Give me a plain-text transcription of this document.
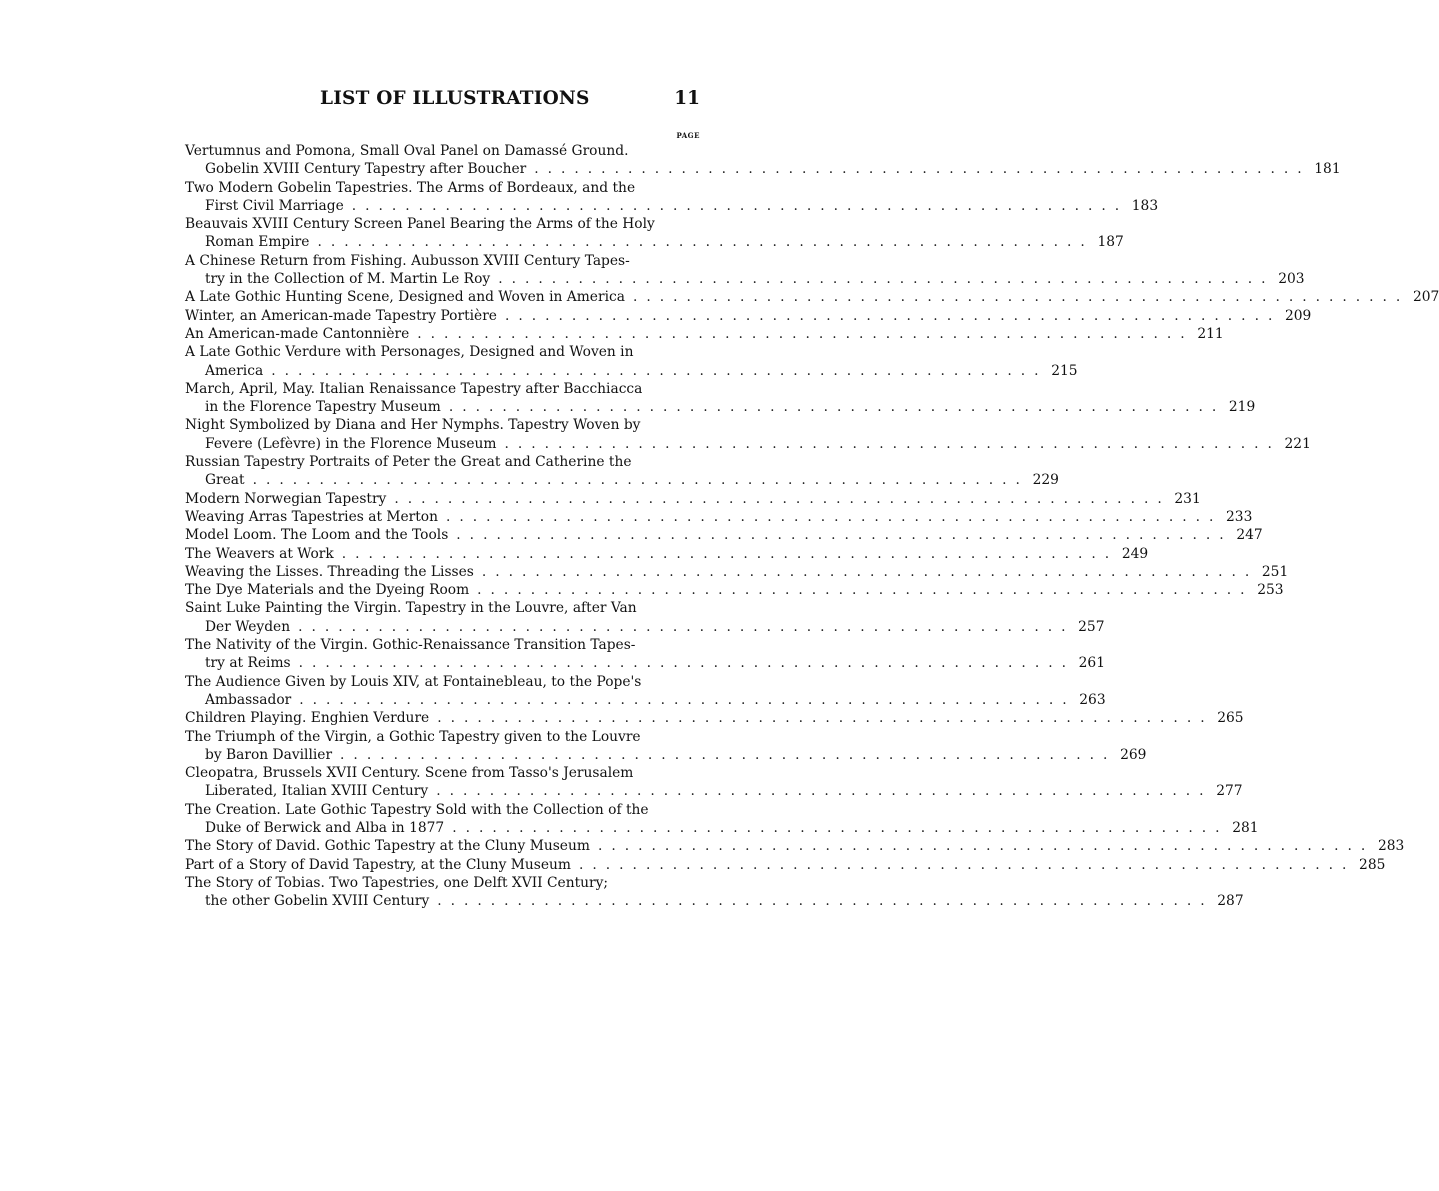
LIST OF ILLUSTRATIONS	11
PAGE
Vertumnus and Pomona, Small Oval Panel on Damassé Ground.
Gobelin XVIII Century Tapestry after Boucher .......................................................... 181
Two Modern Gobelin Tapestries. The Arms of Bordeaux, and the
First Civil Marriage .......................................................... 183
Beauvais XVIII Century Screen Panel Bearing the Arms of the Holy
Roman Empire .......................................................... 187
A Chinese Return from Fishing. Aubusson XVIII Century Tapes-
try in the Collection of M. Martin Le Roy .......................................................... 203
A Late Gothic Hunting Scene, Designed and Woven in America .......................................................... 207
Winter, an American-made Tapestry Portière .......................................................... 209
An American-made Cantonnière .......................................................... 211
A Late Gothic Verdure with Personages, Designed and Woven in
America .......................................................... 215
March, April, May. Italian Renaissance Tapestry after Bacchiacca
in the Florence Tapestry Museum .......................................................... 219
Night Symbolized by Diana and Her Nymphs. Tapestry Woven by
Fevere (Lefèvre) in the Florence Museum .......................................................... 221
Russian Tapestry Portraits of Peter the Great and Catherine the
Great .......................................................... 229
Modern Norwegian Tapestry .......................................................... 231
Weaving Arras Tapestries at Merton .......................................................... 233
Model Loom. The Loom and the Tools .......................................................... 247
The Weavers at Work .......................................................... 249
Weaving the Lisses. Threading the Lisses .......................................................... 251
The Dye Materials and the Dyeing Room .......................................................... 253
Saint Luke Painting the Virgin. Tapestry in the Louvre, after Van
Der Weyden .......................................................... 257
The Nativity of the Virgin. Gothic-Renaissance Transition Tapes-
try at Reims .......................................................... 261
The Audience Given by Louis XIV, at Fontainebleau, to the Pope's
Ambassador .......................................................... 263
Children Playing. Enghien Verdure .......................................................... 265
The Triumph of the Virgin, a Gothic Tapestry given to the Louvre
by Baron Davillier .......................................................... 269
Cleopatra, Brussels XVII Century. Scene from Tasso's Jerusalem
Liberated, Italian XVIII Century .......................................................... 277
The Creation. Late Gothic Tapestry Sold with the Collection of the
Duke of Berwick and Alba in 1877 .......................................................... 281
The Story of David. Gothic Tapestry at the Cluny Museum .......................................................... 283
Part of a Story of David Tapestry, at the Cluny Museum .......................................................... 285
The Story of Tobias. Two Tapestries, one Delft XVII Century;
the other Gobelin XVIII Century .......................................................... 287
